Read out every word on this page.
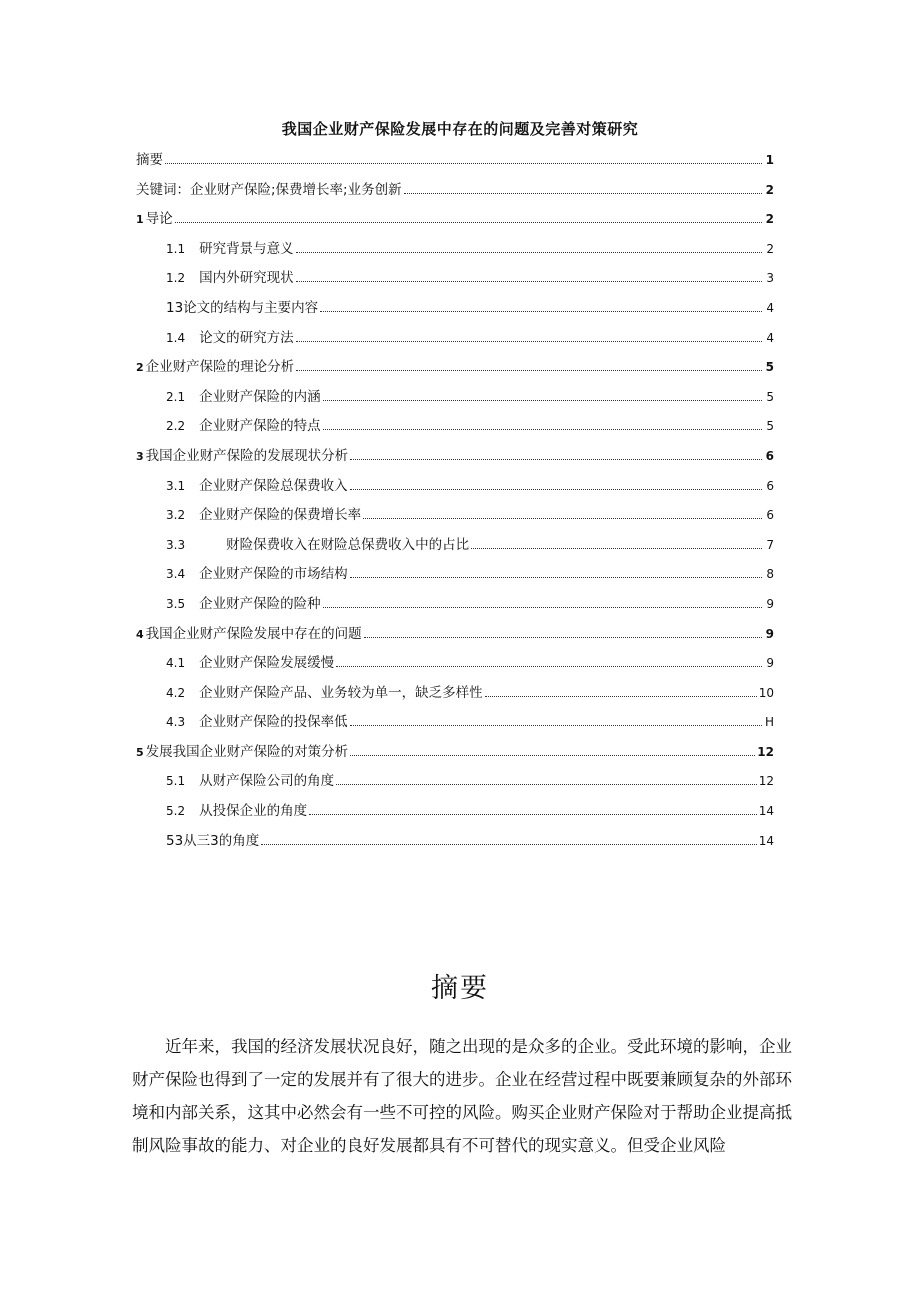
我国企业财产保险发展中存在的问题及完善对策研究
摘要	1
关键词：企业财产保险;保费增长率;业务创新	2
1 导论	2
1.1 研究背景与意义	2
1.2 国内外研究现状	3
13论文的结构与主要内容	4
1.4 论文的研究方法	4
2 企业财产保险的理论分析	5
2.1 企业财产保险的内涵	5
2.2 企业财产保险的特点	5
3 我国企业财产保险的发展现状分析	6
3.1 企业财产保险总保费收入	6
3.2 企业财产保险的保费增长率	6
3.3　　财险保费收入在财险总保费收入中的占比	7
3.4 企业财产保险的市场结构	8
3.5 企业财产保险的险种	9
4 我国企业财产保险发展中存在的问题	9
4.1 企业财产保险发展缓慢	9
4.2 企业财产保险产品、业务较为单一，缺乏多样性	10
4.3 企业财产保险的投保率低	H
5 发展我国企业财产保险的对策分析	12
5.1 从财产保险公司的角度	12
5.2 从投保企业的角度	14
53从三3的角度	14
摘要

近年来，我国的经济发展状况良好，随之出现的是众多的企业。受此环境的影响，企业财产保险也得到了一定的发展并有了很大的进步。企业在经营过程中既要兼顾复杂的外部环境和内部关系，这其中必然会有一些不可控的风险。购买企业财产保险对于帮助企业提高抵制风险事故的能力、对企业的良好发展都具有不可替代的现实意义。但受企业风险
